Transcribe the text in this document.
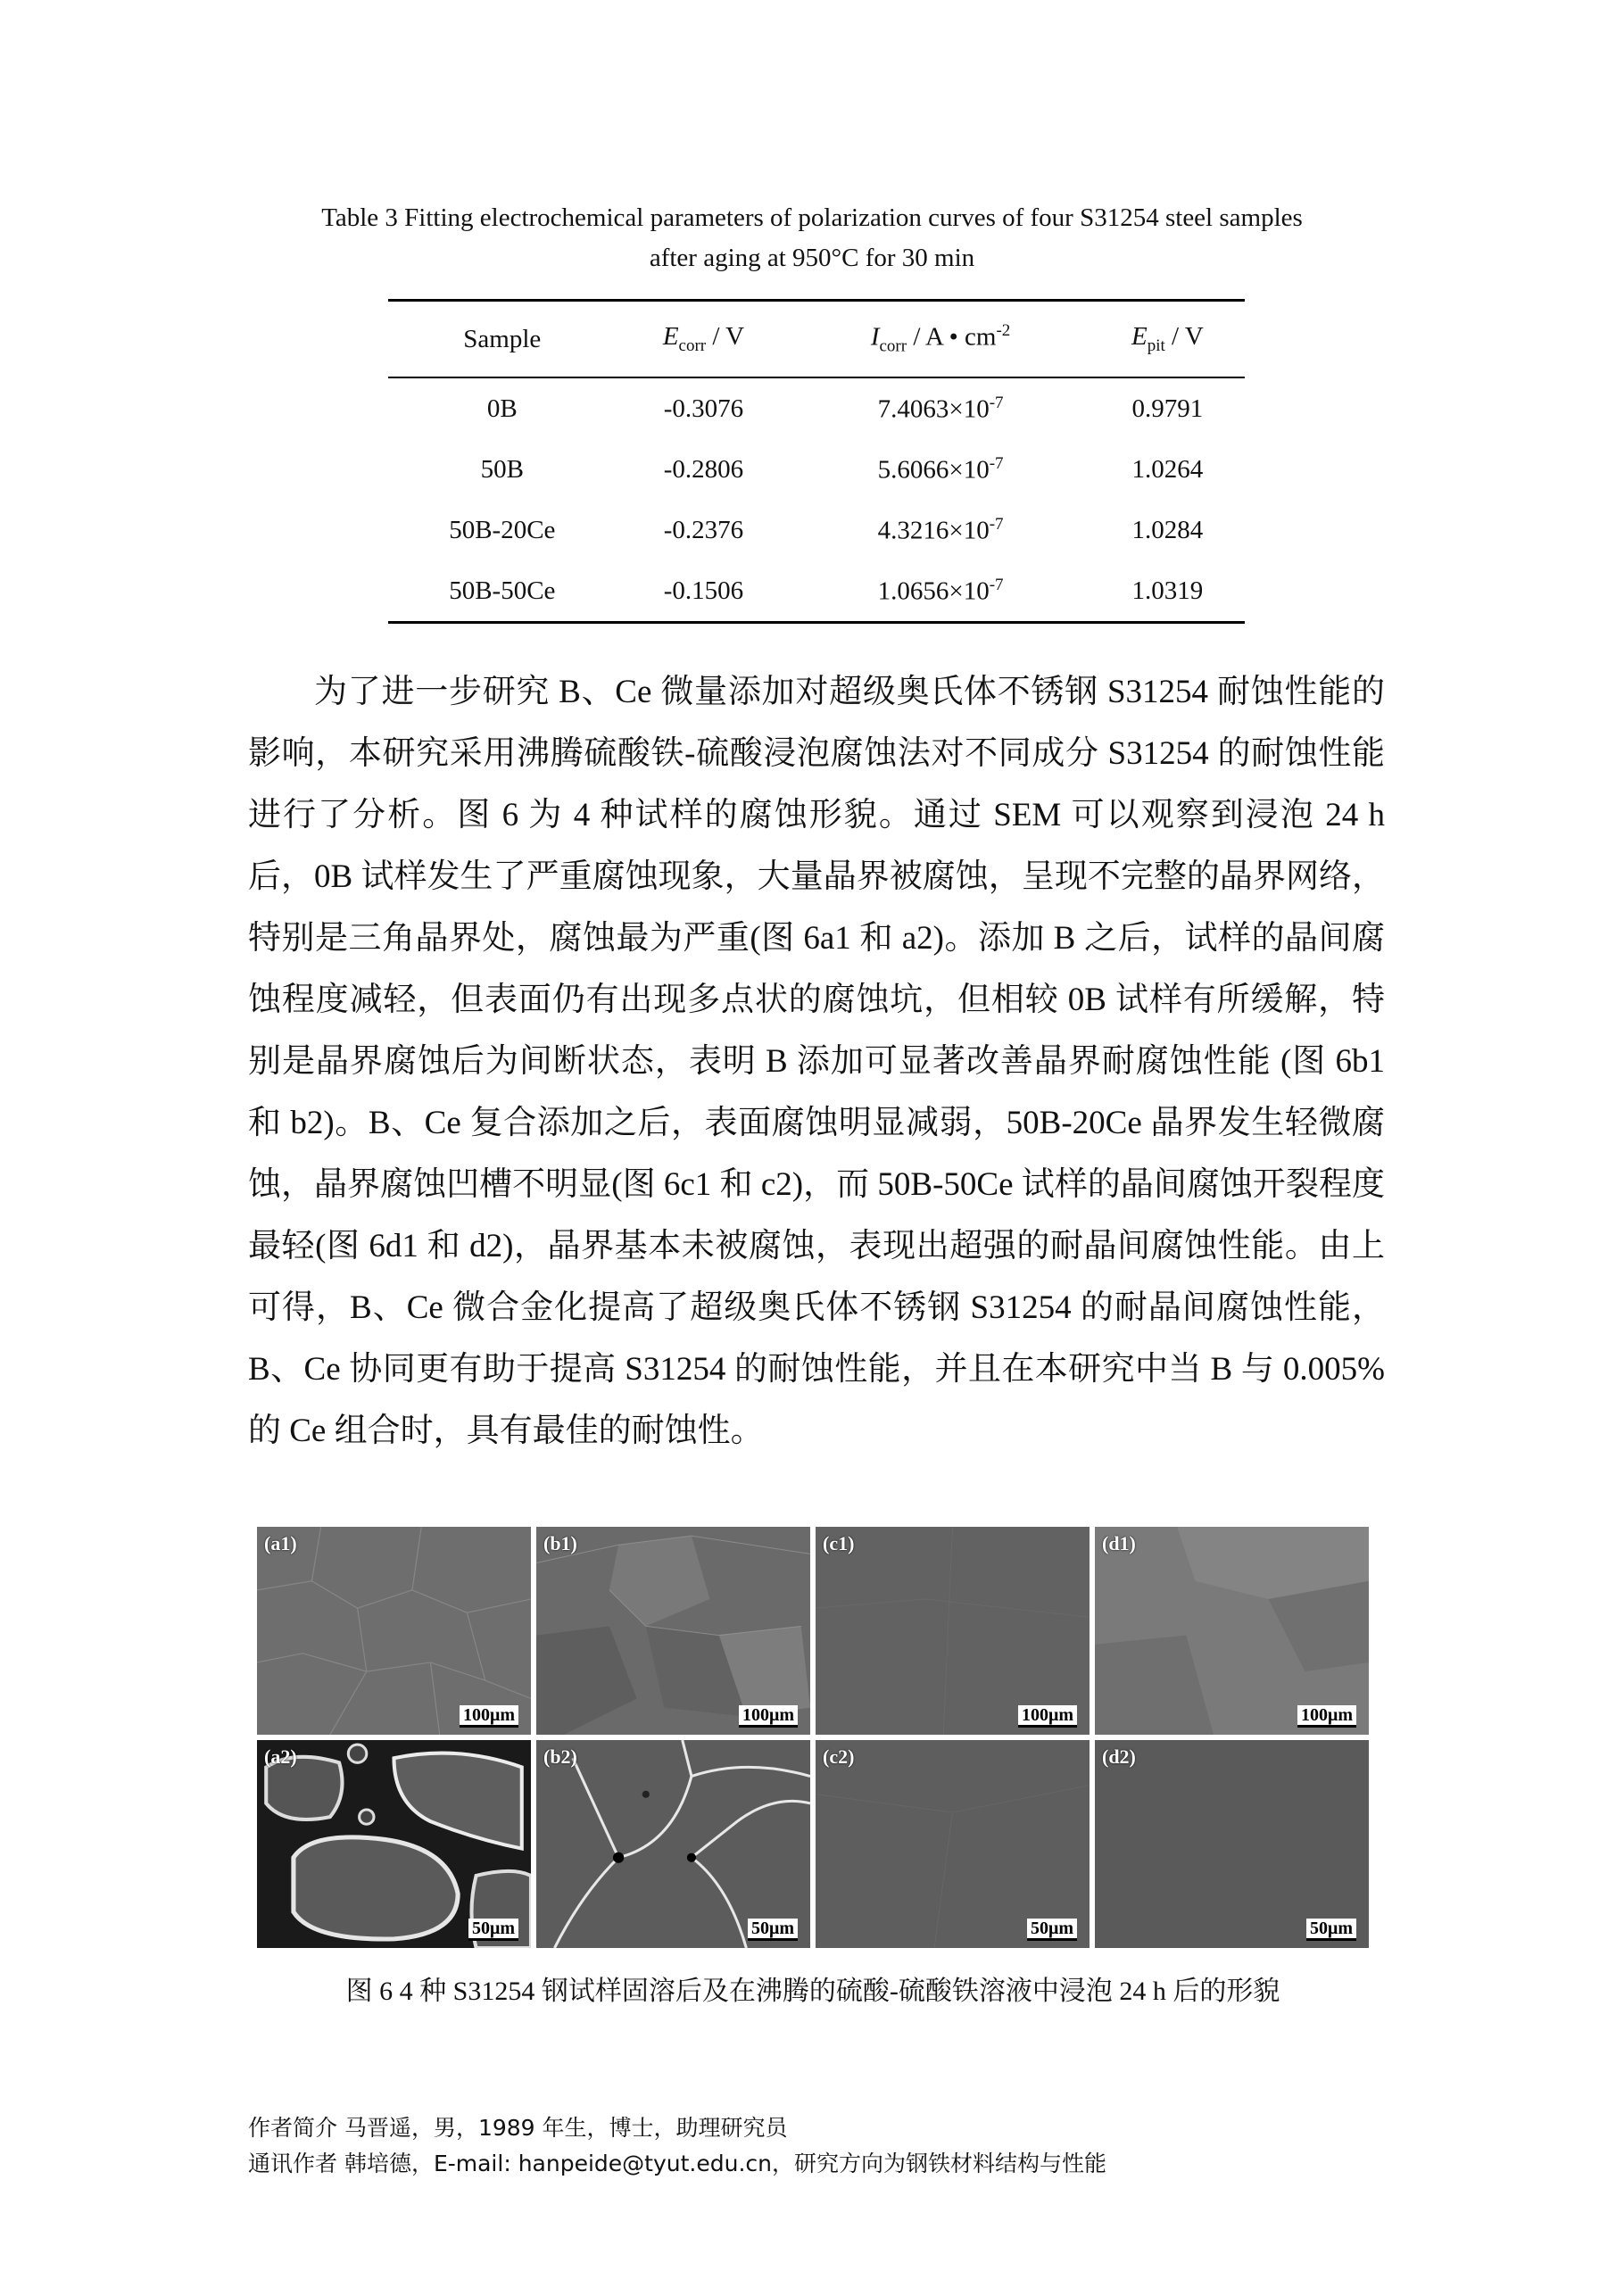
Table 3 Fitting electrochemical parameters of polarization curves of four S31254 steel samples
after aging at 950°C for 30 min
Sample	$E_{corr}$ / V	$I_{corr}$ / A • $cm^{-2}$	$E_{pit}$ / V
0B	-0.3076	$7.4063\times 10^{-7}$	0.9791
50B	-0.2806	$5.6066\times 10^{-7}$	1.0264
50B-20Ce	-0.2376	$4.3216\times 10^{-7}$	1.0284
50B-50Ce	-0.1506	$1.0656\times 10^{-7}$	1.0319
为了进一步研究 B、Ce 微量添加对超级奥氏体不锈钢 S31254 耐蚀性能的影响，本研究采用沸腾硫酸铁-硫酸浸泡腐蚀法对不同成分 S31254 的耐蚀性能进行了分析。图 6 为 4 种试样的腐蚀形貌。通过 SEM 可以观察到浸泡 24 h 后，0B 试样发生了严重腐蚀现象，大量晶界被腐蚀，呈现不完整的晶界网络，特别是三角晶界处，腐蚀最为严重(图 6a1 和 a2)。添加 B 之后，试样的晶间腐蚀程度减轻，但表面仍有出现多点状的腐蚀坑，但相较 0B 试样有所缓解，特别是晶界腐蚀后为间断状态，表明 B 添加可显著改善晶界耐腐蚀性能 (图 6b1 和 b2)。B、Ce 复合添加之后，表面腐蚀明显减弱，50B-20Ce 晶界发生轻微腐蚀，晶界腐蚀凹槽不明显(图 6c1 和 c2)，而 50B-50Ce 试样的晶间腐蚀开裂程度最轻(图 6d1 和 d2)，晶界基本未被腐蚀，表现出超强的耐晶间腐蚀性能。由上可得，B、Ce 微合金化提高了超级奥氏体不锈钢 S31254 的耐晶间腐蚀性能，B、Ce 协同更有助于提高 S31254 的耐蚀性能，并且在本研究中当 B 与 0.005%的 Ce 组合时，具有最佳的耐蚀性。
(a1)
100μm
(b1)
100μm
(c1)
100μm
(d1)
100μm
(a2)
50μm
(b2)
50μm
(c2)
50μm
(d2)
50μm
图 6 4 种 S31254 钢试样固溶后及在沸腾的硫酸-硫酸铁溶液中浸泡 24 h 后的形貌
作者简介 马晋遥，男，1989 年生，博士，助理研究员
通讯作者 韩培德，E-mail: hanpeide@tyut.edu.cn，研究方向为钢铁材料结构与性能
